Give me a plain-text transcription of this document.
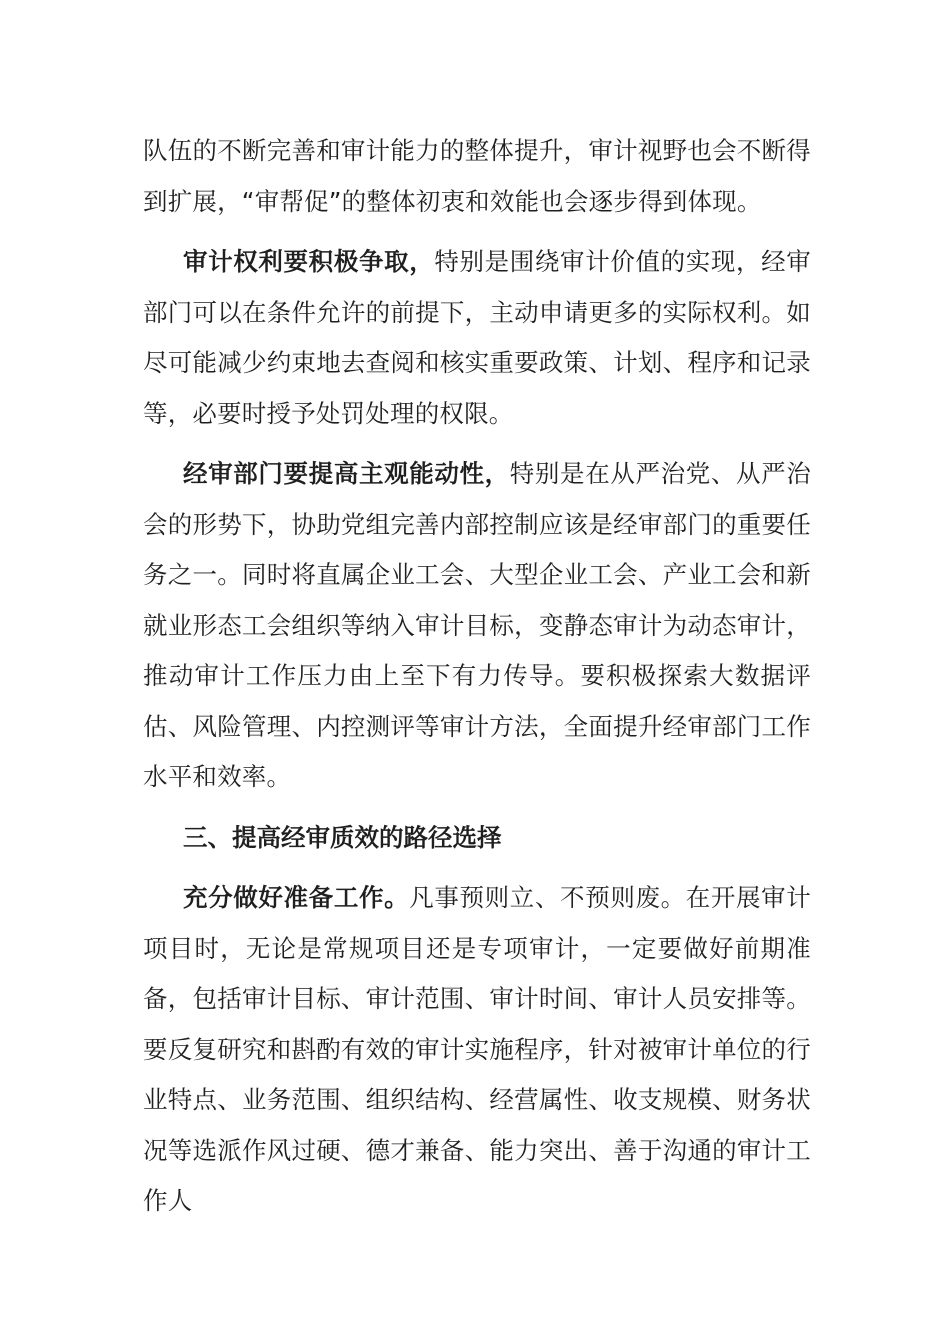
队伍的不断完善和审计能力的整体提升，审计视野也会不断得到扩展，“审帮促”的整体初衷和效能也会逐步得到体现。

审计权利要积极争取，特别是围绕审计价值的实现，经审部门可以在条件允许的前提下，主动申请更多的实际权利。如尽可能减少约束地去查阅和核实重要政策、计划、程序和记录等，必要时授予处罚处理的权限。

经审部门要提高主观能动性，特别是在从严治党、从严治会的形势下，协助党组完善内部控制应该是经审部门的重要任务之一。同时将直属企业工会、大型企业工会、产业工会和新就业形态工会组织等纳入审计目标，变静态审计为动态审计，推动审计工作压力由上至下有力传导。要积极探索大数据评估、风险管理、内控测评等审计方法，全面提升经审部门工作水平和效率。

三、提高经审质效的路径选择

充分做好准备工作。凡事预则立、不预则废。在开展审计项目时，无论是常规项目还是专项审计，一定要做好前期准备，包括审计目标、审计范围、审计时间、审计人员安排等。要反复研究和斟酌有效的审计实施程序，针对被审计单位的行业特点、业务范围、组织结构、经营属性、收支规模、财务状况等选派作风过硬、德才兼备、能力突出、善于沟通的审计工作人
